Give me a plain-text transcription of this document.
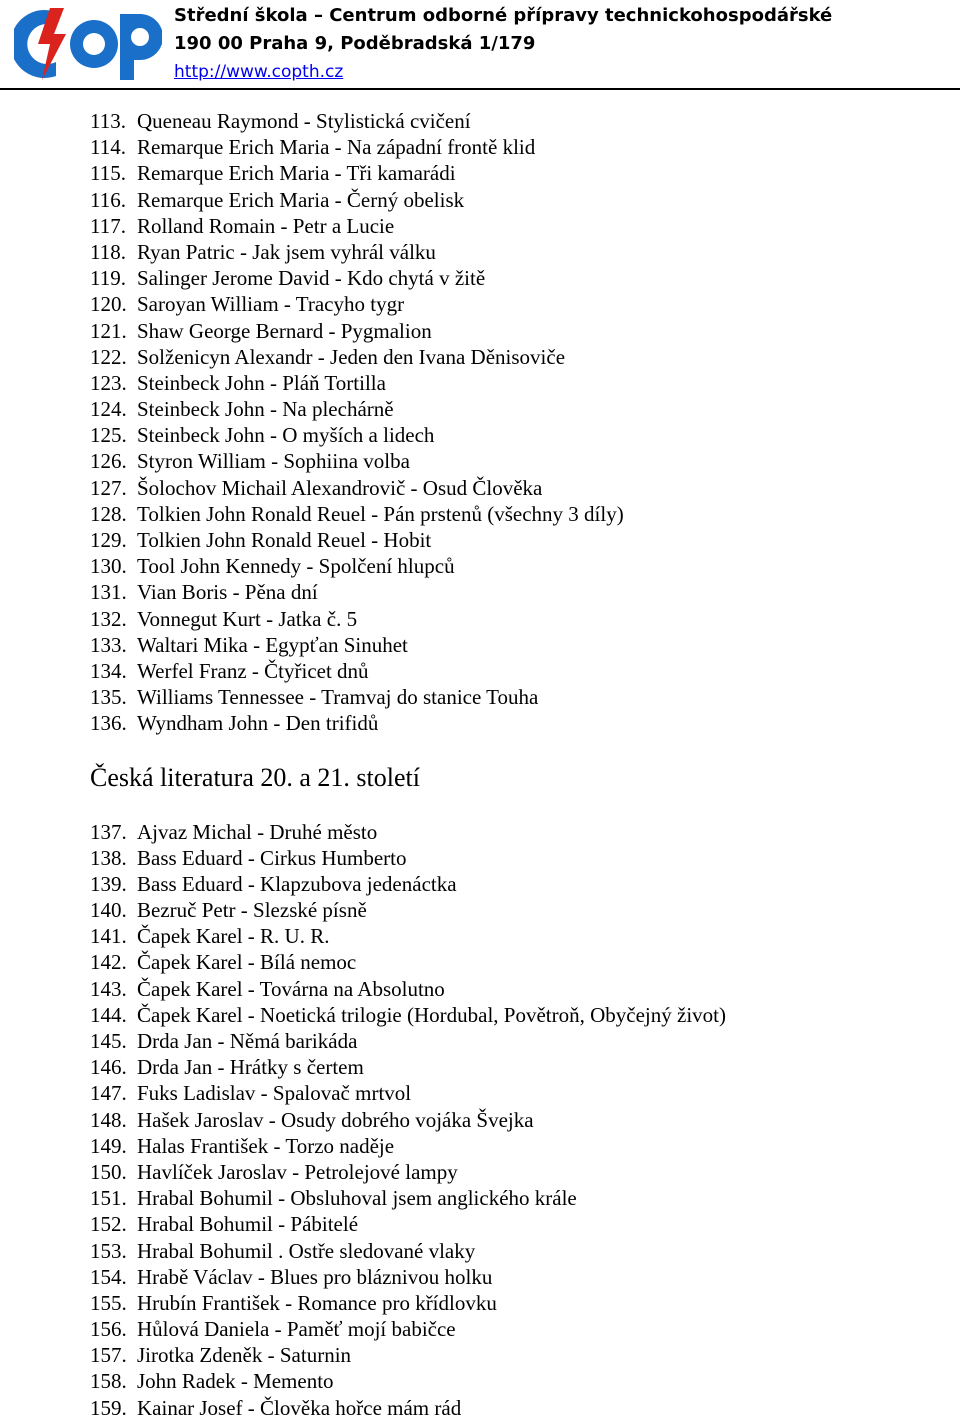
Střední škola – Centrum odborné přípravy technickohospodářské
190 00 Praha 9, Poděbradská 1/179
http://www.copth.cz
113. Queneau Raymond - Stylistická cvičení
114. Remarque Erich Maria - Na západní frontě klid
115. Remarque Erich Maria - Tři kamarádi
116. Remarque Erich Maria - Černý obelisk
117. Rolland Romain - Petr a Lucie
118. Ryan Patric - Jak jsem vyhrál válku
119. Salinger Jerome David - Kdo chytá v žitě
120. Saroyan William - Tracyho tygr
121. Shaw George Bernard - Pygmalion
122. Solženicyn Alexandr - Jeden den Ivana Děnisoviče
123. Steinbeck John - Pláň Tortilla
124. Steinbeck John - Na plechárně
125. Steinbeck John - O myších a lidech
126. Styron William - Sophiina volba
127. Šolochov Michail Alexandrovič - Osud Člověka
128. Tolkien John Ronald Reuel - Pán prstenů (všechny 3 díly)
129. Tolkien John Ronald Reuel - Hobit
130. Tool John Kennedy - Spolčení hlupců
131. Vian Boris - Pěna dní
132. Vonnegut Kurt - Jatka č. 5
133. Waltari Mika - Egypťan Sinuhet
134. Werfel Franz - Čtyřicet dnů
135. Williams Tennessee - Tramvaj do stanice Touha
136. Wyndham John - Den trifidů
Česká literatura 20. a 21. století
137. Ajvaz Michal - Druhé město
138. Bass Eduard - Cirkus Humberto
139. Bass Eduard - Klapzubova jedenáctka
140. Bezruč Petr - Slezské písně
141. Čapek Karel - R. U. R.
142. Čapek Karel - Bílá nemoc
143. Čapek Karel - Továrna na Absolutno
144. Čapek Karel - Noetická trilogie (Hordubal, Povětroň, Obyčejný život)
145. Drda Jan - Němá barikáda
146. Drda Jan - Hrátky s čertem
147. Fuks Ladislav - Spalovač mrtvol
148. Hašek Jaroslav - Osudy dobrého vojáka Švejka
149. Halas František - Torzo naděje
150. Havlíček Jaroslav - Petrolejové lampy
151. Hrabal Bohumil - Obsluhoval jsem anglického krále
152. Hrabal Bohumil - Pábitelé
153. Hrabal Bohumil . Ostře sledované vlaky
154. Hrabě Václav - Blues pro bláznivou holku
155. Hrubín František - Romance pro křídlovku
156. Hůlová Daniela - Paměť mojí babičce
157. Jirotka Zdeněk - Saturnin
158. John Radek - Memento
159. Kainar Josef - Člověka hořce mám rád
